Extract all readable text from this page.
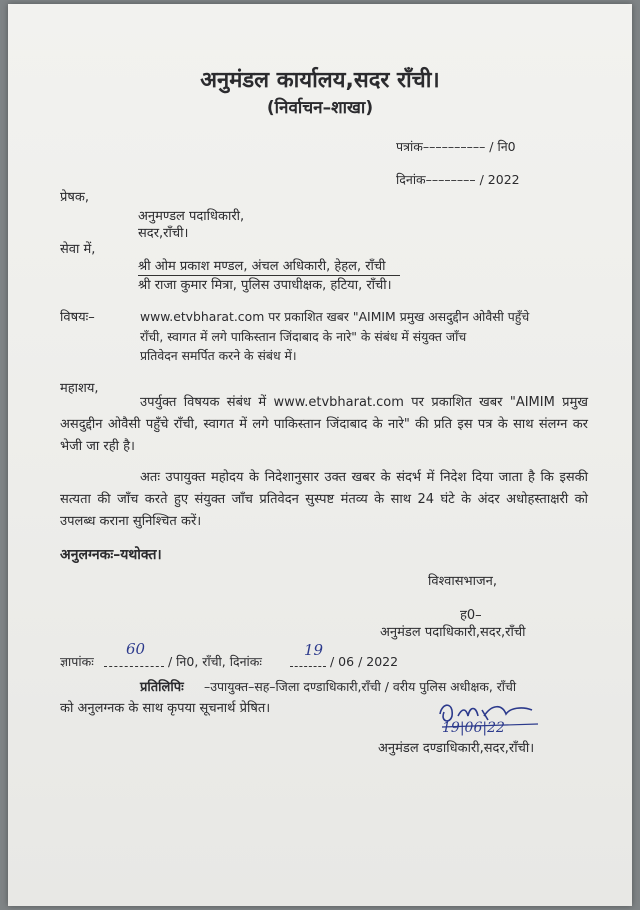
अनुमंडल कार्यालय,सदर राँची।
(निर्वाचन–शाखा)
पत्रांक–––––––––– / नि0
दिनांक–––––––– / 2022
प्रेषक,
अनुमण्डल पदाधिकारी,
सदर,राँची।
सेवा में,
श्री ओम प्रकाश मण्डल, अंचल अधिकारी, हेहल, राँची
श्री राजा कुमार मित्रा, पुलिस उपाधीक्षक, हटिया, राँची।
विषयः–	www.etvbharat.com पर प्रकाशित खबर "AIMIM प्रमुख असदुद्दीन ओवैसी पहुँचे
राँची, स्वागत में लगे पाकिस्तान जिंदाबाद के नारे" के संबंध में संयुक्त जाँच
प्रतिवेदन समर्पित करने के संबंध में।
महाशय,
उपर्युक्त विषयक संबंध में www.etvbharat.com पर प्रकाशित खबर "AIMIM प्रमुख असदुद्दीन ओवैसी पहुँचे राँची, स्वागत में लगे पाकिस्तान जिंदाबाद के नारे" की प्रति इस पत्र के साथ संलग्न कर भेजी जा रही है।
अतः उपायुक्त महोदय के निदेशानुसार उक्त खबर के संदर्भ में निदेश दिया जाता है कि इसकी सत्यता की जाँच करते हुए संयुक्त जाँच प्रतिवेदन सुस्पष्ट मंतव्य के साथ 24 घंटे के अंदर अधोहस्ताक्षरी को उपलब्ध कराना सुनिश्चित करें।
अनुलग्नकः–यथोक्त।
विश्वासभाजन,
ह0–
अनुमंडल पदाधिकारी,सदर,राँची
ज्ञापांकः
60
/ नि0, राँची, दिनांकः
19
/ 06 / 2022
प्रतिलिपिः –उपायुक्त–सह–जिला दण्डाधिकारी,राँची / वरीय पुलिस अधीक्षक, राँची
को अनुलग्नक के साथ कृपया सूचनार्थ प्रेषित।
19|06|22
अनुमंडल दण्डाधिकारी,सदर,राँची।
